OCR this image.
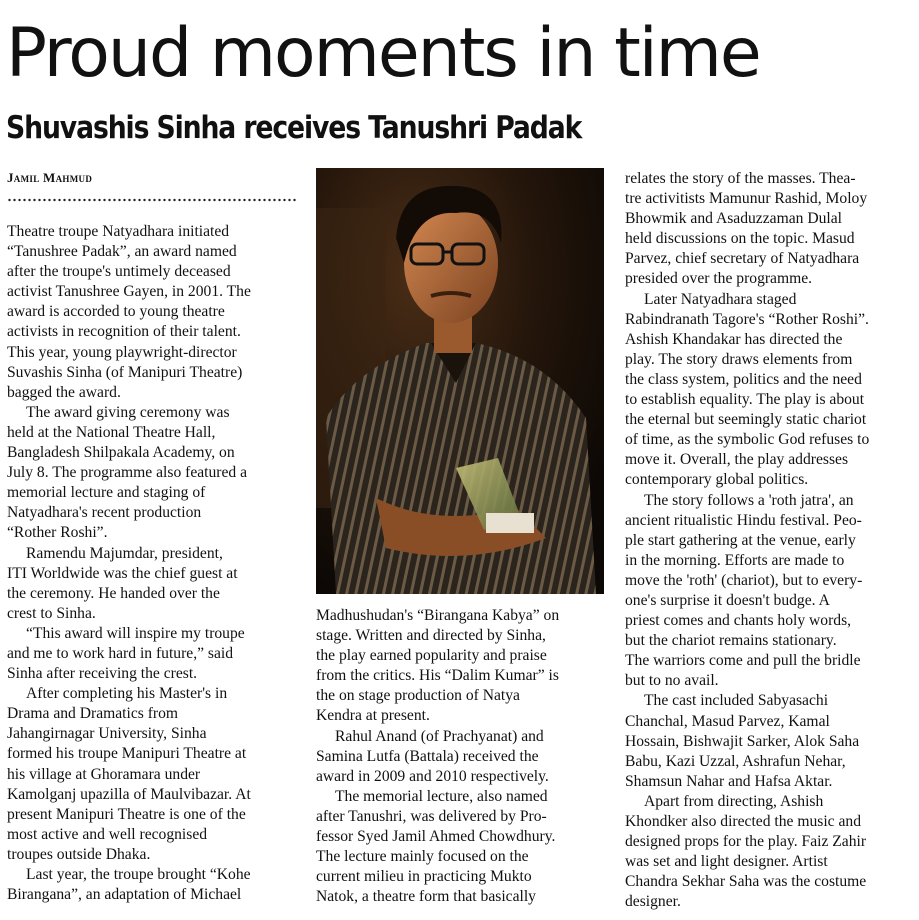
Proud moments in time
Shuvashis Sinha receives Tanushri Padak
Jamil Mahmud

Theatre troupe Natyadhara initiated

“Tanushree Padak”, an award named

after the troupe's untimely deceased

activist Tanushree Gayen, in 2001. The

award is accorded to young theatre

activists in recognition of their talent.

This year, young playwright-director

Suvashis Sinha (of Manipuri Theatre)

bagged the award.

The award giving ceremony was

held at the National Theatre Hall,

Bangladesh Shilpakala Academy, on

July 8. The programme also featured a

memorial lecture and staging of

Natyadhara's recent production

“Rother Roshi”.

Ramendu Majumdar, president,

ITI Worldwide was the chief guest at

the ceremony. He handed over the

crest to Sinha.

“This award will inspire my troupe

and me to work hard in future,” said

Sinha after receiving the crest.

After completing his Master's in

Drama and Dramatics from

Jahangirnagar University, Sinha

formed his troupe Manipuri Theatre at

his village at Ghoramara under

Kamolganj upazilla of Maulvibazar. At

present Manipuri Theatre is one of the

most active and well recognised

troupes outside Dhaka.

Last year, the troupe brought “Kohe

Birangana”, an adaptation of Michael

Madhushudan's “Birangana Kabya” on

stage. Written and directed by Sinha,

the play earned popularity and praise

from the critics. His “Dalim Kumar” is

the on stage production of Natya

Kendra at present.

Rahul Anand (of Prachyanat) and

Samina Lutfa (Battala) received the

award in 2009 and 2010 respectively.

The memorial lecture, also named

after Tanushri, was delivered by Pro-

fessor Syed Jamil Ahmed Chowdhury.

The lecture mainly focused on the

current milieu in practicing Mukto

Natok, a theatre form that basically

relates the story of the masses. Thea-

tre activitists Mamunur Rashid, Moloy

Bhowmik and Asaduzzaman Dulal

held discussions on the topic. Masud

Parvez, chief secretary of Natyadhara

presided over the programme.

Later Natyadhara staged

Rabindranath Tagore's “Rother Roshi”.

Ashish Khandakar has directed the

play. The story draws elements from

the class system, politics and the need

to establish equality. The play is about

the eternal but seemingly static chariot

of time, as the symbolic God refuses to

move it. Overall, the play addresses

contemporary global politics.

The story follows a 'roth jatra', an

ancient ritualistic Hindu festival. Peo-

ple start gathering at the venue, early

in the morning. Efforts are made to

move the 'roth' (chariot), but to every-

one's surprise it doesn't budge. A

priest comes and chants holy words,

but the chariot remains stationary.

The warriors come and pull the bridle

but to no avail.

The cast included Sabyasachi

Chanchal, Masud Parvez, Kamal

Hossain, Bishwajit Sarker, Alok Saha

Babu, Kazi Uzzal, Ashrafun Nehar,

Shamsun Nahar and Hafsa Aktar.

Apart from directing, Ashish

Khondker also directed the music and

designed props for the play. Faiz Zahir

was set and light designer. Artist

Chandra Sekhar Saha was the costume

designer.
